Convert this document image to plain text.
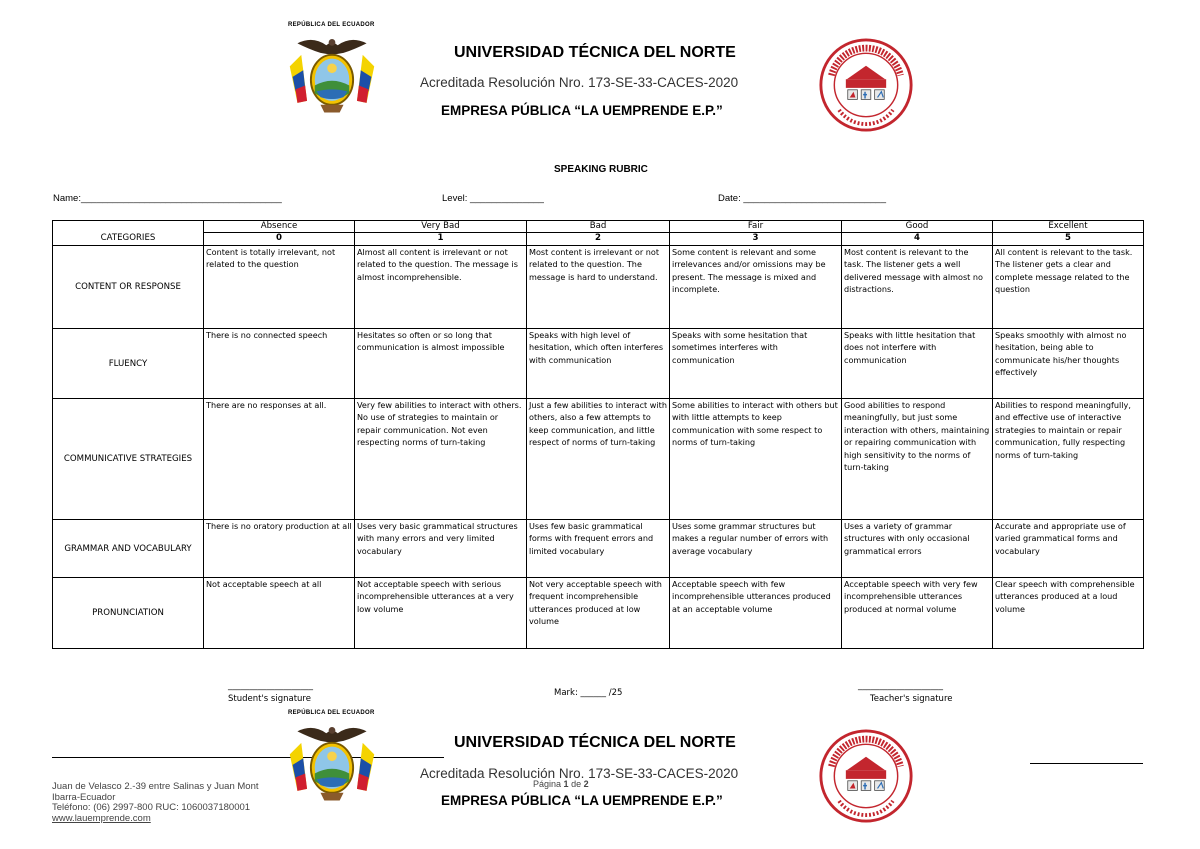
REPÚBLICA DEL ECUADOR
UNIVERSIDAD TÉCNICA DEL NORTE
Acreditada Resolución Nro. 173-SE-33-CACES-2020
EMPRESA PÚBLICA “LA UEMPRENDE E.P.”
SPEAKING RUBRIC
Name:______________________________________	Level: ______________	Date: ___________________________
	Absence	Very Bad	Bad	Fair	Good	Excellent
CATEGORIES	0	1	2	3	4	5
CONTENT OR RESPONSE	Content is totally irrelevant, not related to the question	Almost all content is irrelevant or not related to the question. The message is almost incomprehensible.	Most content is irrelevant or not related to the question. The message is hard to understand.	Some content is relevant and some irrelevances and/or omissions may be present. The message is mixed and incomplete.	Most content is relevant to the task. The listener gets a well delivered message with almost no distractions.	All content is relevant to the task. The listener gets a clear and complete message related to the question
FLUENCY	There is no connected speech	Hesitates so often or so long that communication is almost impossible	Speaks with high level of hesitation, which often interferes with communication	Speaks with some hesitation that sometimes interferes with communication	Speaks with little hesitation that does not interfere with communication	Speaks smoothly with almost no hesitation, being able to communicate his/her thoughts effectively
COMMUNICATIVE STRATEGIES	There are no responses at all.	Very few abilities to interact with others. No use of strategies to maintain or repair communication. Not even respecting norms of turn-taking	Just a few abilities to interact with others, also a few attempts to keep communication, and little respect of norms of turn-taking	Some abilities to interact with others but with little attempts to keep communication with some respect to norms of turn-taking	Good abilities to respond meaningfully, but just some interaction with others, maintaining or repairing communication with high sensitivity to the norms of turn-taking	Abilities to respond meaningfully, and effective use of interactive strategies to maintain or repair communication, fully respecting norms of turn-taking
GRAMMAR AND VOCABULARY	There is no oratory production at all	Uses very basic grammatical structures with many errors and very limited vocabulary	Uses few basic grammatical forms with frequent errors and limited vocabulary	Uses some grammar structures but makes a regular number of errors with average vocabulary	Uses a variety of grammar structures with only occasional grammatical errors	Accurate and appropriate use of varied grammatical forms and vocabulary
PRONUNCIATION	Not acceptable speech at all	Not acceptable speech with serious incomprehensible utterances at a very low volume	Not very acceptable speech with frequent incomprehensible utterances produced at low volume	Acceptable speech with few incomprehensible utterances produced at an acceptable volume	Acceptable speech with very few incomprehensible utterances produced at normal volume	Clear speech with comprehensible utterances produced at a loud volume
____________________
Student's signature
Mark: ______ /25
____________________
Teacher's signature
REPÚBLICA DEL ECUADOR
UNIVERSIDAD TÉCNICA DEL NORTE
Acreditada Resolución Nro. 173-SE-33-CACES-2020
Página 1 de 2
EMPRESA PÚBLICA “LA UEMPRENDE E.P.”
Juan de Velasco 2.-39 entre Salinas y Juan Mont
Ibarra-Ecuador
Teléfono: (06) 2997-800 RUC: 1060037180001
www.lauemprende.com
